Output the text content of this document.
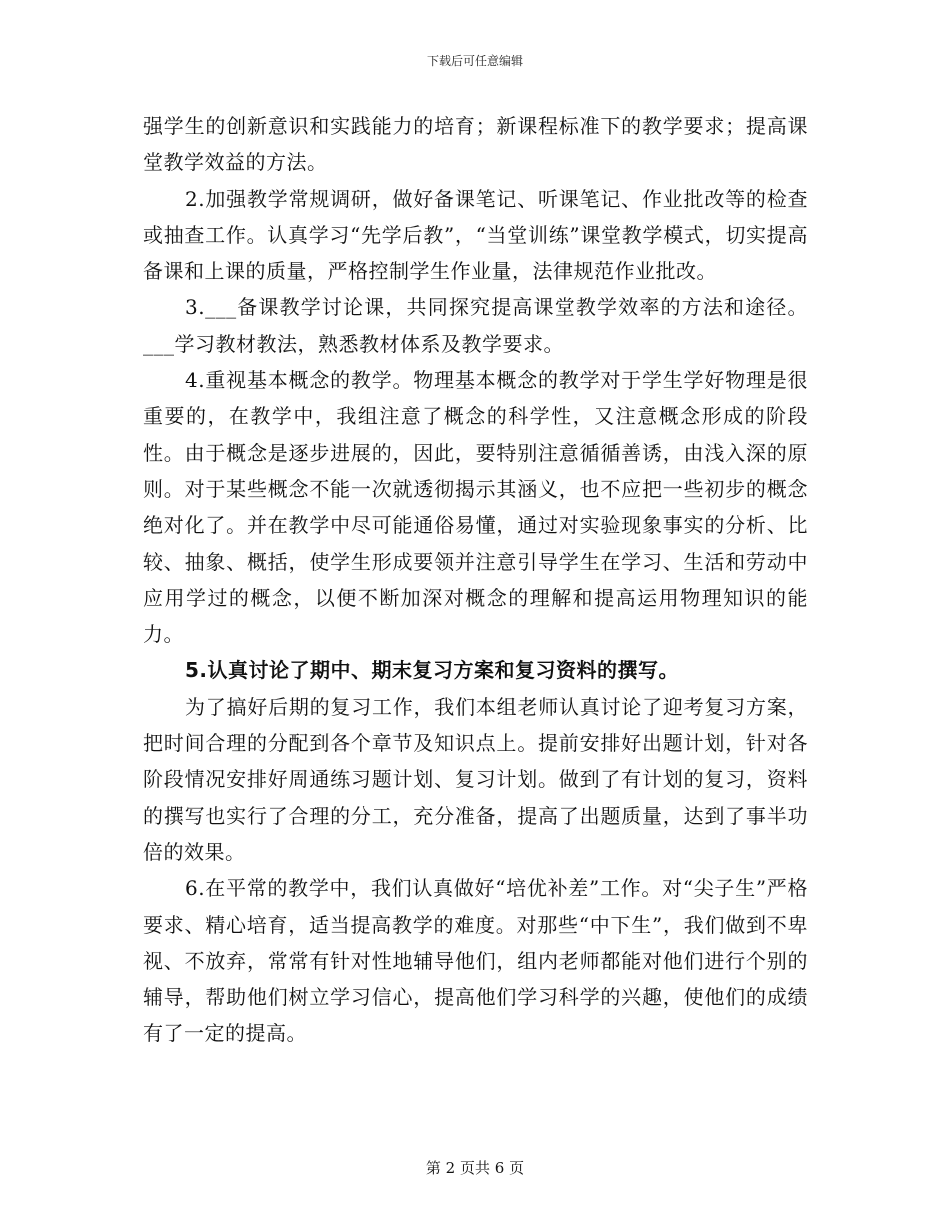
下载后可任意编辑

强学生的创新意识和实践能力的培育；新课程标准下的教学要求；提高课堂教学效益的方法。

2.加强教学常规调研，做好备课笔记、听课笔记、作业批改等的检查或抽查工作。认真学习“先学后教”，“当堂训练”课堂教学模式，切实提高备课和上课的质量，严格控制学生作业量，法律规范作业批改。

3.___备课教学讨论课，共同探究提高课堂教学效率的方法和途径。___学习教材教法，熟悉教材体系及教学要求。

4.重视基本概念的教学。物理基本概念的教学对于学生学好物理是很重要的，在教学中，我组注意了概念的科学性，又注意概念形成的阶段性。由于概念是逐步进展的，因此，要特别注意循循善诱，由浅入深的原则。对于某些概念不能一次就透彻揭示其涵义，也不应把一些初步的概念绝对化了。并在教学中尽可能通俗易懂，通过对实验现象事实的分析、比较、抽象、概括，使学生形成要领并注意引导学生在学习、生活和劳动中应用学过的概念，以便不断加深对概念的理解和提高运用物理知识的能力。

5.认真讨论了期中、期末复习方案和复习资料的撰写。

为了搞好后期的复习工作，我们本组老师认真讨论了迎考复习方案，把时间合理的分配到各个章节及知识点上。提前安排好出题计划，针对各阶段情况安排好周通练习题计划、复习计划。做到了有计划的复习，资料的撰写也实行了合理的分工，充分准备，提高了出题质量，达到了事半功倍的效果。

6.在平常的教学中，我们认真做好“培优补差”工作。对“尖子生”严格要求、精心培育，适当提高教学的难度。对那些“中下生”，我们做到不卑视、不放弃，常常有针对性地辅导他们，组内老师都能对他们进行个别的辅导，帮助他们树立学习信心，提高他们学习科学的兴趣，使他们的成绩有了一定的提高。

第 2 页共 6 页
